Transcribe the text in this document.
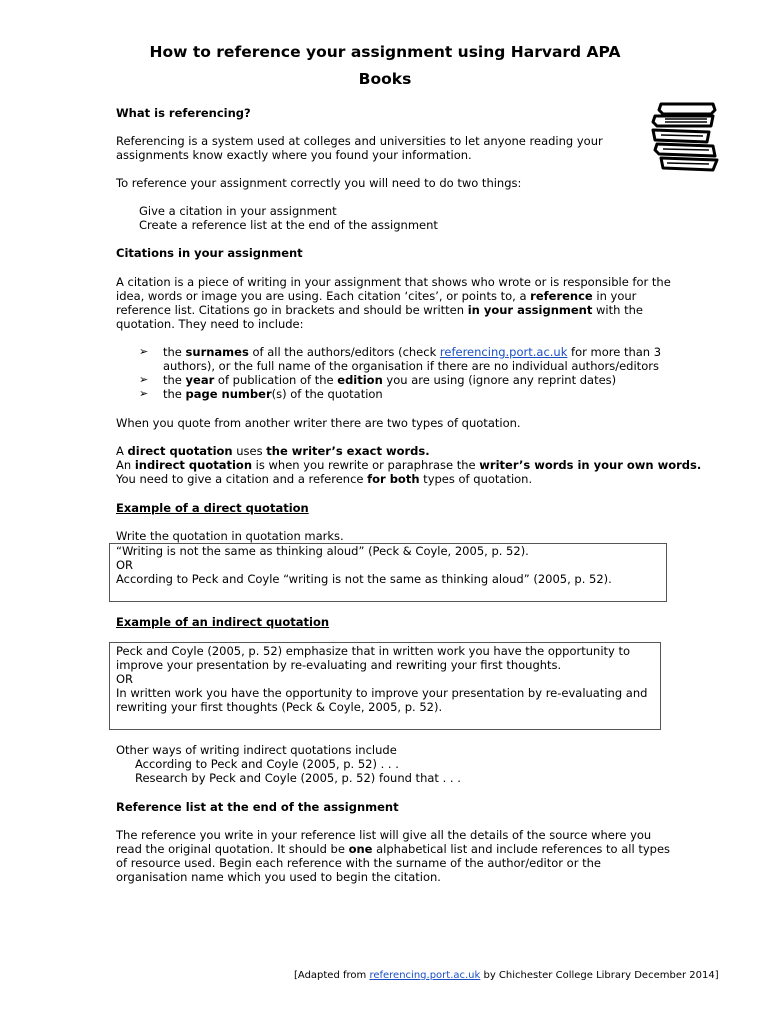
How to reference your assignment using Harvard APA
Books
What is referencing?
Referencing is a system used at colleges and universities to let anyone reading your
assignments know exactly where you found your information.
To reference your assignment correctly you will need to do two things:
Give a citation in your assignment
Create a reference list at the end of the assignment
Citations in your assignment
A citation is a piece of writing in your assignment that shows who wrote or is responsible for the
idea, words or image you are using. Each citation ‘cites’, or points to, a reference in your
reference list. Citations go in brackets and should be written in your assignment with the
quotation. They need to include:
➢	the surnames of all the authors/editors (check referencing.port.ac.uk for more than 3
authors), or the full name of the organisation if there are no individual authors/editors
➢	the year of publication of the edition you are using (ignore any reprint dates)
➢	the page number(s) of the quotation
When you quote from another writer there are two types of quotation.
A direct quotation uses the writer’s exact words.
An indirect quotation is when you rewrite or paraphrase the writer’s words in your own words.
You need to give a citation and a reference for both types of quotation.
Example of a direct quotation
Write the quotation in quotation marks.
“Writing is not the same as thinking aloud” (Peck & Coyle, 2005, p. 52).
OR
According to Peck and Coyle “writing is not the same as thinking aloud” (2005, p. 52).
Example of an indirect quotation
Peck and Coyle (2005, p. 52) emphasize that in written work you have the opportunity to
improve your presentation by re-evaluating and rewriting your first thoughts.
OR
In written work you have the opportunity to improve your presentation by re-evaluating and
rewriting your first thoughts (Peck & Coyle, 2005, p. 52).
Other ways of writing indirect quotations include
According to Peck and Coyle (2005, p. 52) . . .
Research by Peck and Coyle (2005, p. 52) found that . . .
Reference list at the end of the assignment
The reference you write in your reference list will give all the details of the source where you
read the original quotation. It should be one alphabetical list and include references to all types
of resource used. Begin each reference with the surname of the author/editor or the
organisation name which you used to begin the citation.
[Adapted from referencing.port.ac.uk by Chichester College Library December 2014]
